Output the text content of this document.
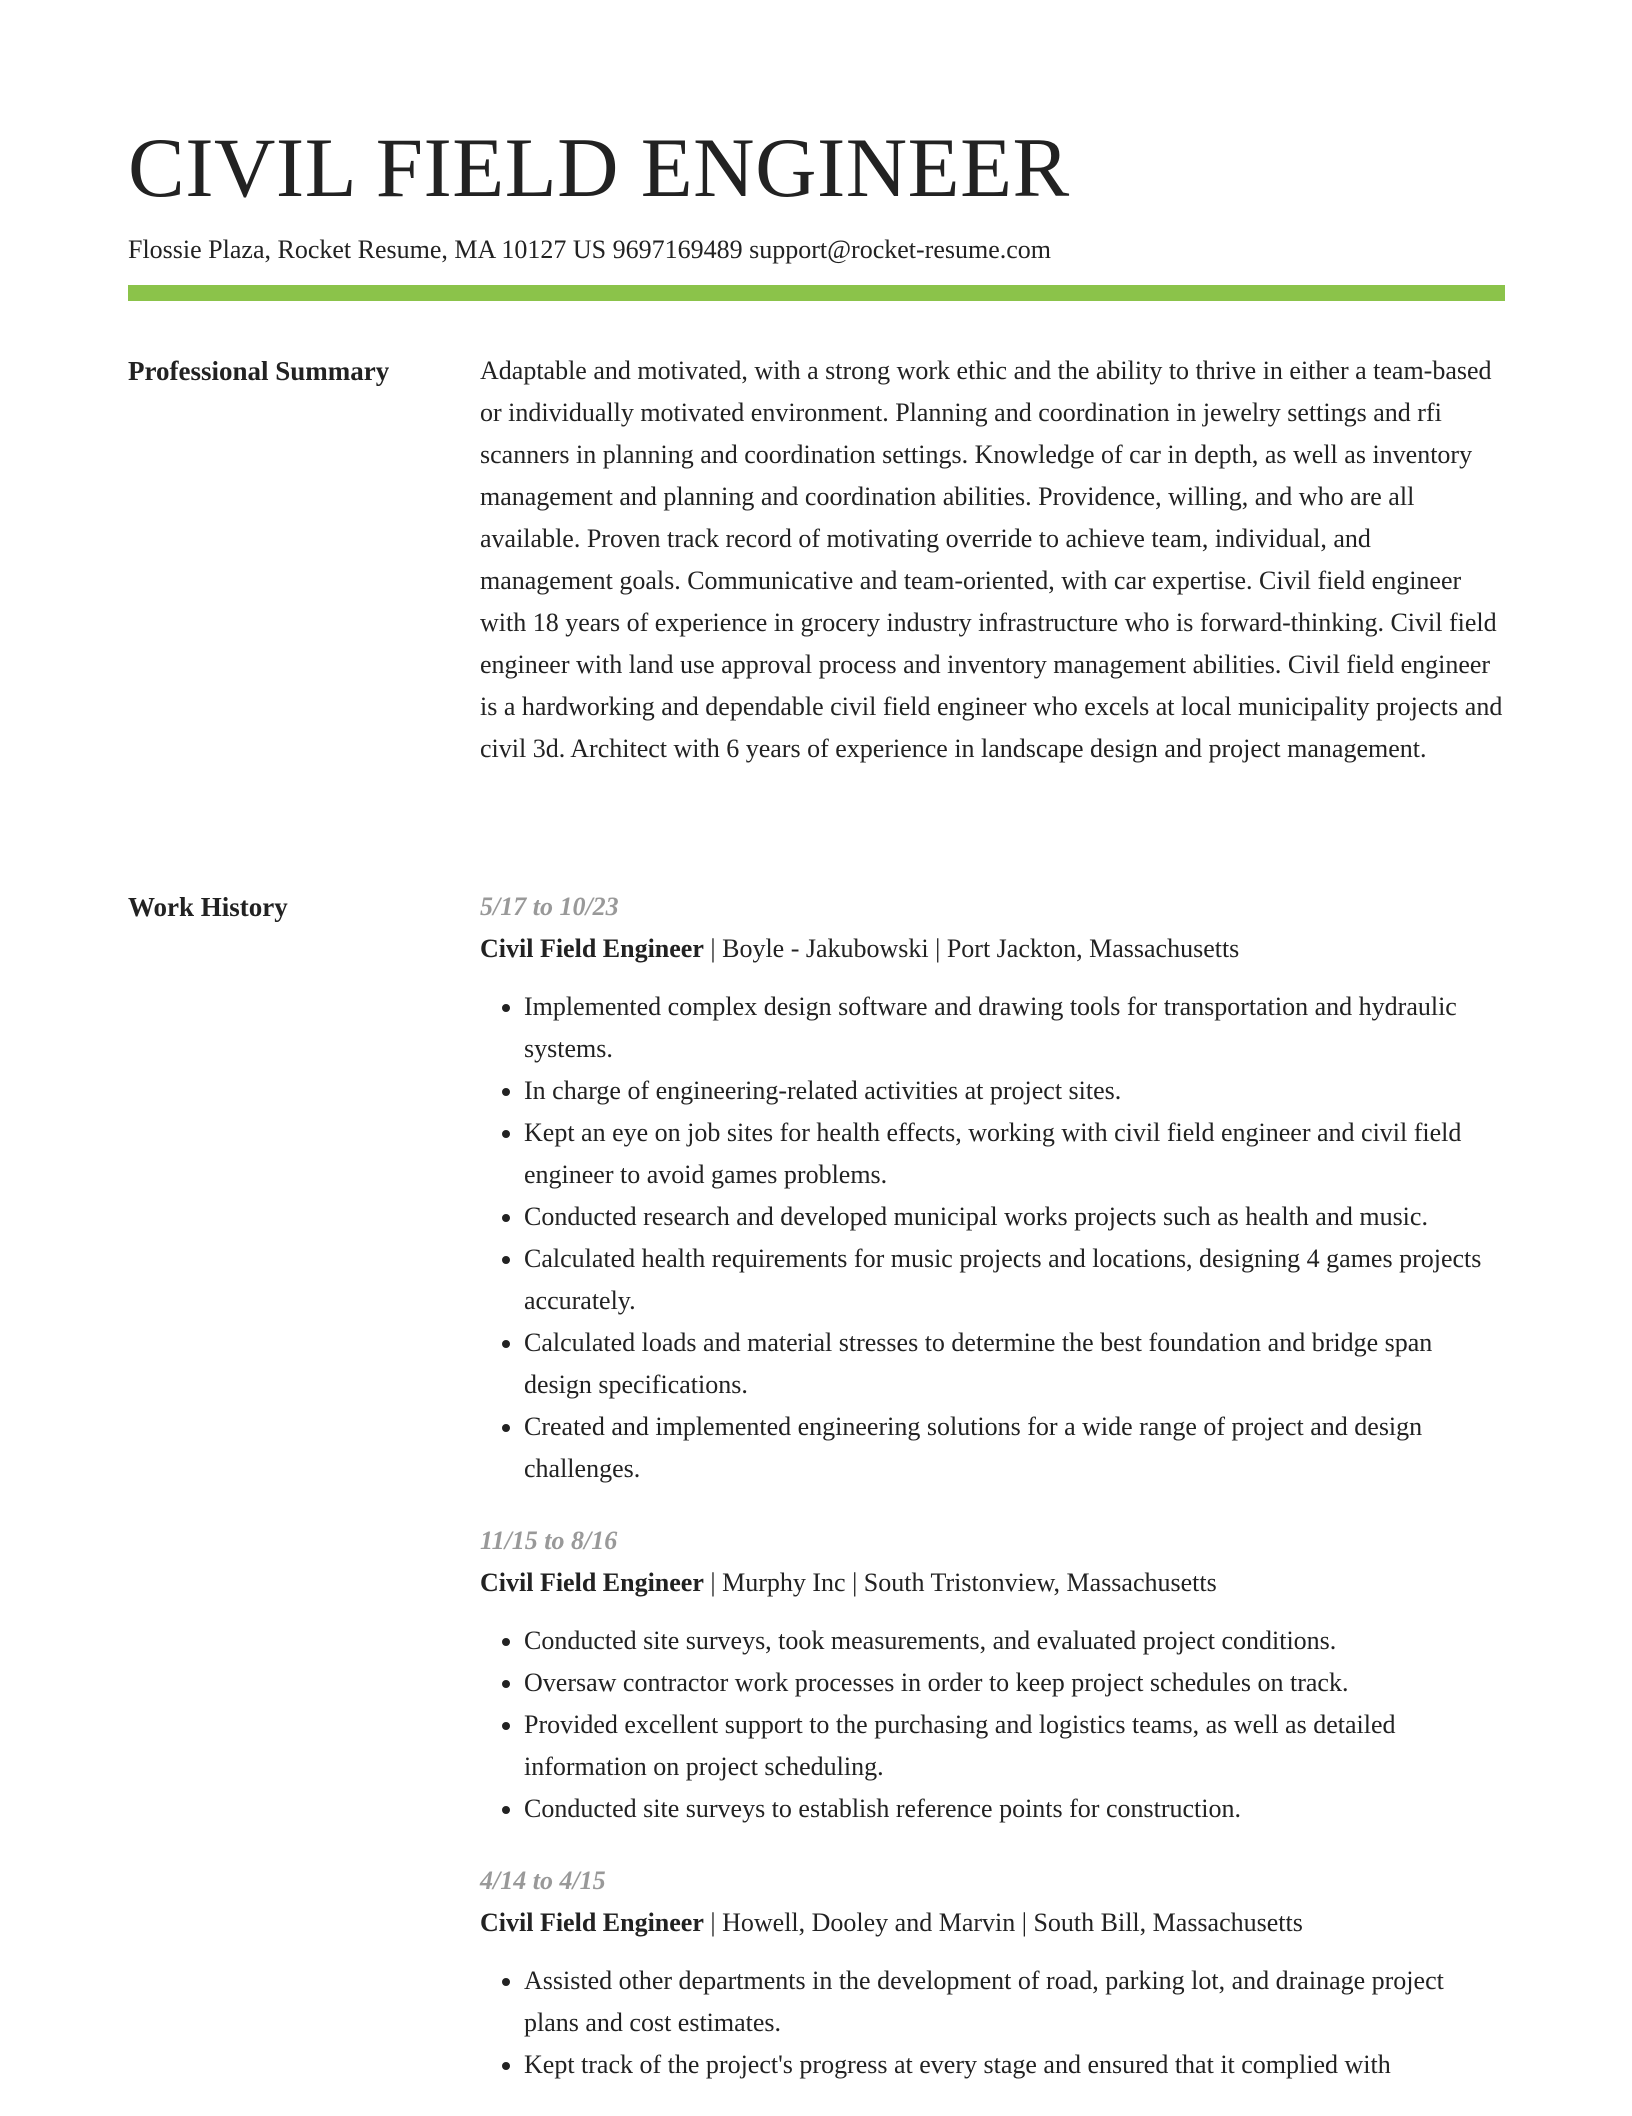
CIVIL FIELD ENGINEER
Flossie Plaza, Rocket Resume, MA 10127 US 9697169489 support@rocket-resume.com
Professional Summary	Adaptable and motivated, with a strong work ethic and the ability to thrive in either a team-based or individually motivated environment. Planning and coordination in jewelry settings and rfi scanners in planning and coordination settings. Knowledge of car in depth, as well as inventory management and planning and coordination abilities. Providence, willing, and who are all available. Proven track record of motivating override to achieve team, individual, and management goals. Communicative and team-oriented, with car expertise. Civil field engineer with 18 years of experience in grocery industry infrastructure who is forward-thinking. Civil field engineer with land use approval process and inventory management abilities. Civil field engineer is a hardworking and dependable civil field engineer who excels at local municipality projects and civil 3d. Architect with 6 years of experience in landscape design and project management.

Work History	5/17 to 10/23
Civil Field Engineer | Boyle - Jakubowski | Port Jackton, Massachusetts
• Implemented complex design software and drawing tools for transportation and hydraulic systems.
• In charge of engineering-related activities at project sites.
• Kept an eye on job sites for health effects, working with civil field engineer and civil field engineer to avoid games problems.
• Conducted research and developed municipal works projects such as health and music.
• Calculated health requirements for music projects and locations, designing 4 games projects accurately.
• Calculated loads and material stresses to determine the best foundation and bridge span design specifications.
• Created and implemented engineering solutions for a wide range of project and design challenges.
11/15 to 8/16
Civil Field Engineer | Murphy Inc | South Tristonview, Massachusetts
• Conducted site surveys, took measurements, and evaluated project conditions.
• Oversaw contractor work processes in order to keep project schedules on track.
• Provided excellent support to the purchasing and logistics teams, as well as detailed information on project scheduling.
• Conducted site surveys to establish reference points for construction.
4/14 to 4/15
Civil Field Engineer | Howell, Dooley and Marvin | South Bill, Massachusetts
• Assisted other departments in the development of road, parking lot, and drainage project plans and cost estimates.
• Kept track of the project's progress at every stage and ensured that it complied with
